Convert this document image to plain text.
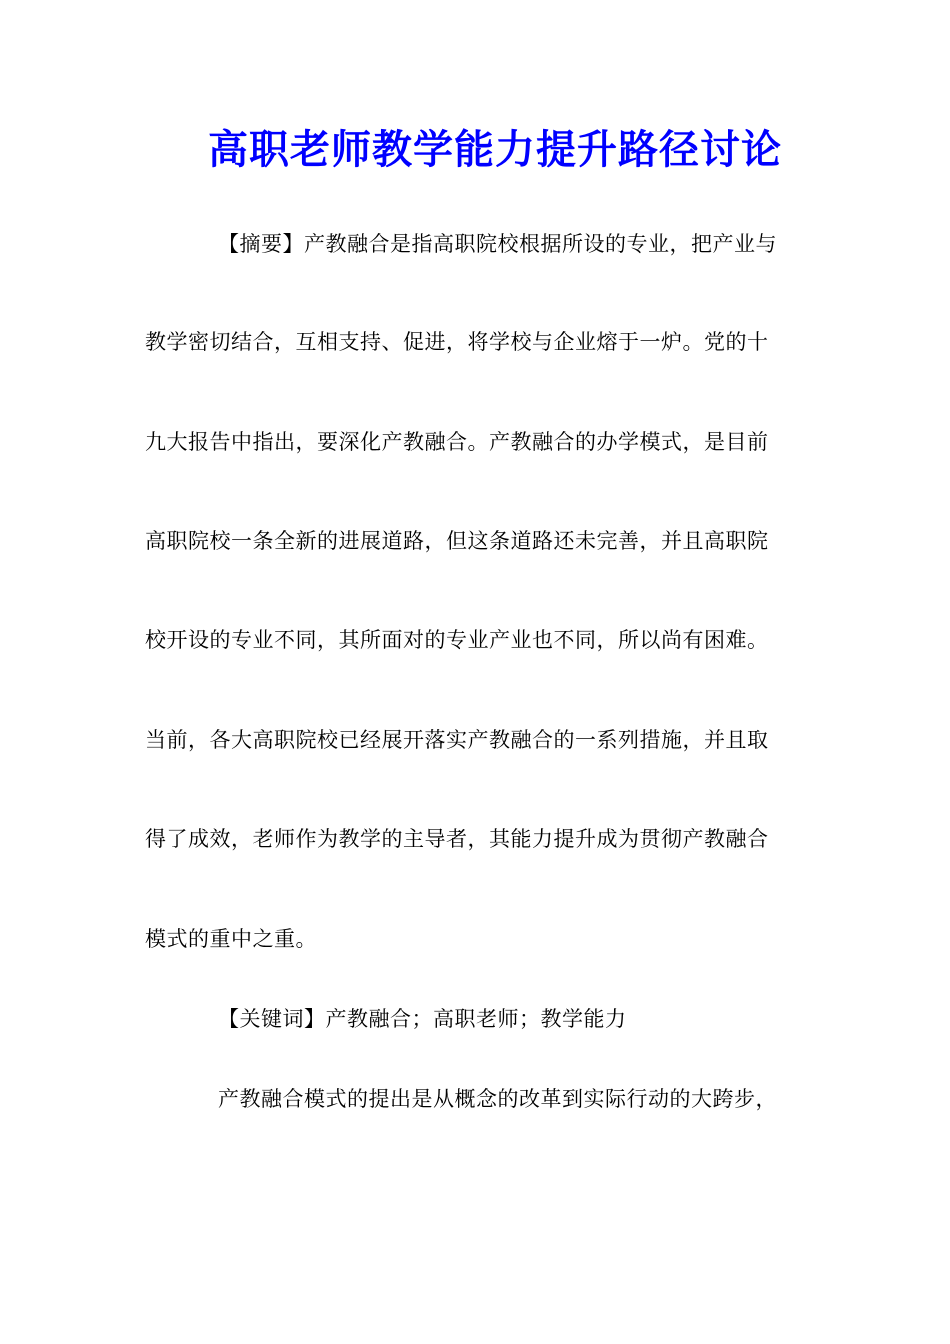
高职老师教学能力提升路径讨论
【摘要】产教融合是指高职院校根据所设的专业，把产业与
教学密切结合，互相支持、促进，将学校与企业熔于一炉。党的十
九大报告中指出，要深化产教融合。产教融合的办学模式，是目前
高职院校一条全新的进展道路，但这条道路还未完善，并且高职院
校开设的专业不同，其所面对的专业产业也不同，所以尚有困难。
当前，各大高职院校已经展开落实产教融合的一系列措施，并且取
得了成效，老师作为教学的主导者，其能力提升成为贯彻产教融合
模式的重中之重。
【关键词】产教融合；高职老师；教学能力
产教融合模式的提出是从概念的改革到实际行动的大跨步，
